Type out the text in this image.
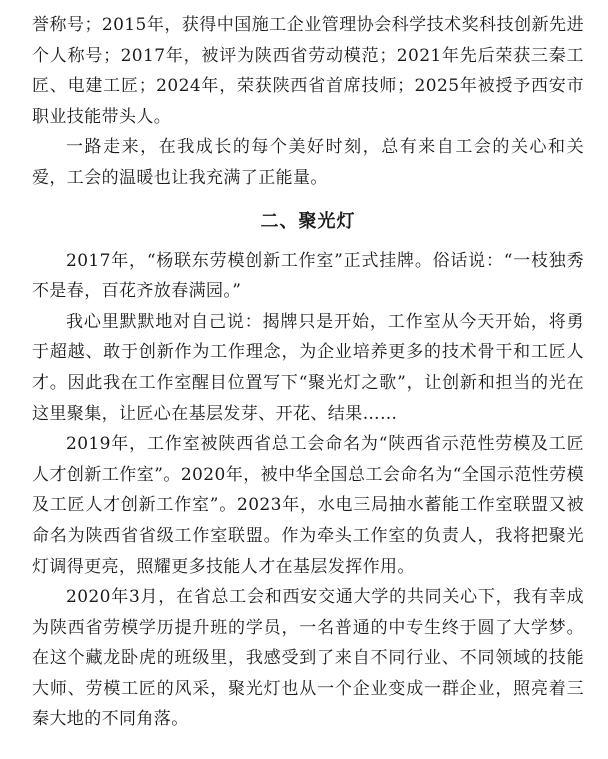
誉称号；2015年，获得中国施工企业管理协会科学技术奖科技创新先进个人称号；2017年，被评为陕西省劳动模范；2021年先后荣获三秦工匠、电建工匠；2024年，荣获陕西省首席技师；2025年被授予西安市职业技能带头人。

一路走来，在我成长的每个美好时刻，总有来自工会的关心和关爱，工会的温暖也让我充满了正能量。

二、聚光灯

2017年，“杨联东劳模创新工作室”正式挂牌。俗话说：“一枝独秀不是春，百花齐放春满园。”

我心里默默地对自己说：揭牌只是开始，工作室从今天开始，将勇于超越、敢于创新作为工作理念，为企业培养更多的技术骨干和工匠人才。因此我在工作室醒目位置写下“聚光灯之歌”，让创新和担当的光在这里聚集，让匠心在基层发芽、开花、结果……

2019年，工作室被陕西省总工会命名为“陕西省示范性劳模及工匠人才创新工作室”。2020年，被中华全国总工会命名为“全国示范性劳模及工匠人才创新工作室”。2023年，水电三局抽水蓄能工作室联盟又被命名为陕西省省级工作室联盟。作为牵头工作室的负责人，我将把聚光灯调得更亮，照耀更多技能人才在基层发挥作用。

2020年3月，在省总工会和西安交通大学的共同关心下，我有幸成为陕西省劳模学历提升班的学员，一名普通的中专生终于圆了大学梦。在这个藏龙卧虎的班级里，我感受到了来自不同行业、不同领域的技能大师、劳模工匠的风采，聚光灯也从一个企业变成一群企业，照亮着三秦大地的不同角落。
